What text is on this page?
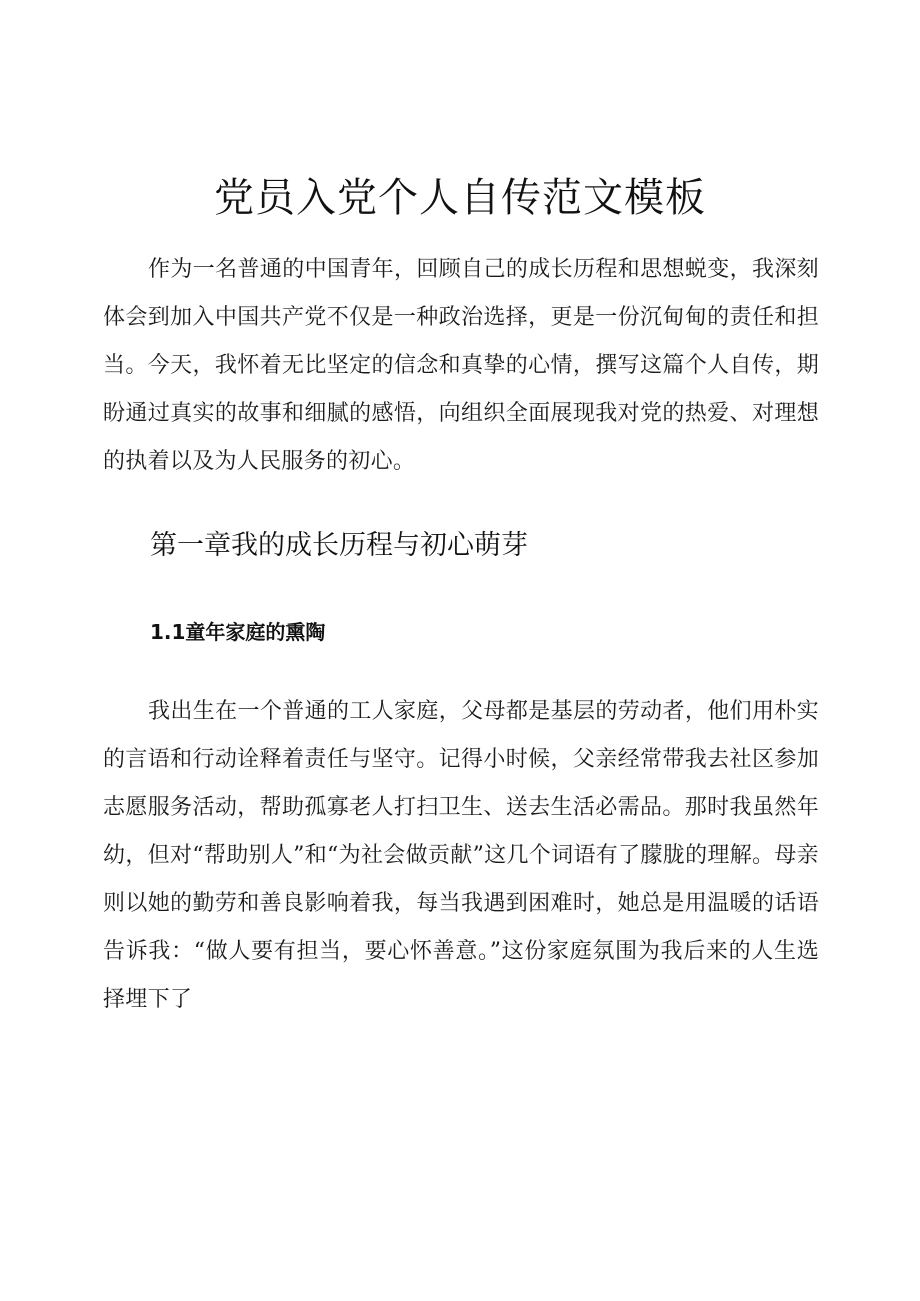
党员入党个人自传范文模板

作为一名普通的中国青年，回顾自己的成长历程和思想蜕变，我深刻体会到加入中国共产党不仅是一种政治选择，更是一份沉甸甸的责任和担当。今天，我怀着无比坚定的信念和真挚的心情，撰写这篇个人自传，期盼通过真实的故事和细腻的感悟，向组织全面展现我对党的热爱、对理想的执着以及为人民服务的初心。

第一章我的成长历程与初心萌芽
1.1童年家庭的熏陶

我出生在一个普通的工人家庭，父母都是基层的劳动者，他们用朴实的言语和行动诠释着责任与坚守。记得小时候，父亲经常带我去社区参加志愿服务活动，帮助孤寡老人打扫卫生、送去生活必需品。那时我虽然年幼，但对“帮助别人”和“为社会做贡献”这几个词语有了朦胧的理解。母亲则以她的勤劳和善良影响着我，每当我遇到困难时，她总是用温暖的话语告诉我：“做人要有担当，要心怀善意。”这份家庭氛围为我后来的人生选择埋下了
